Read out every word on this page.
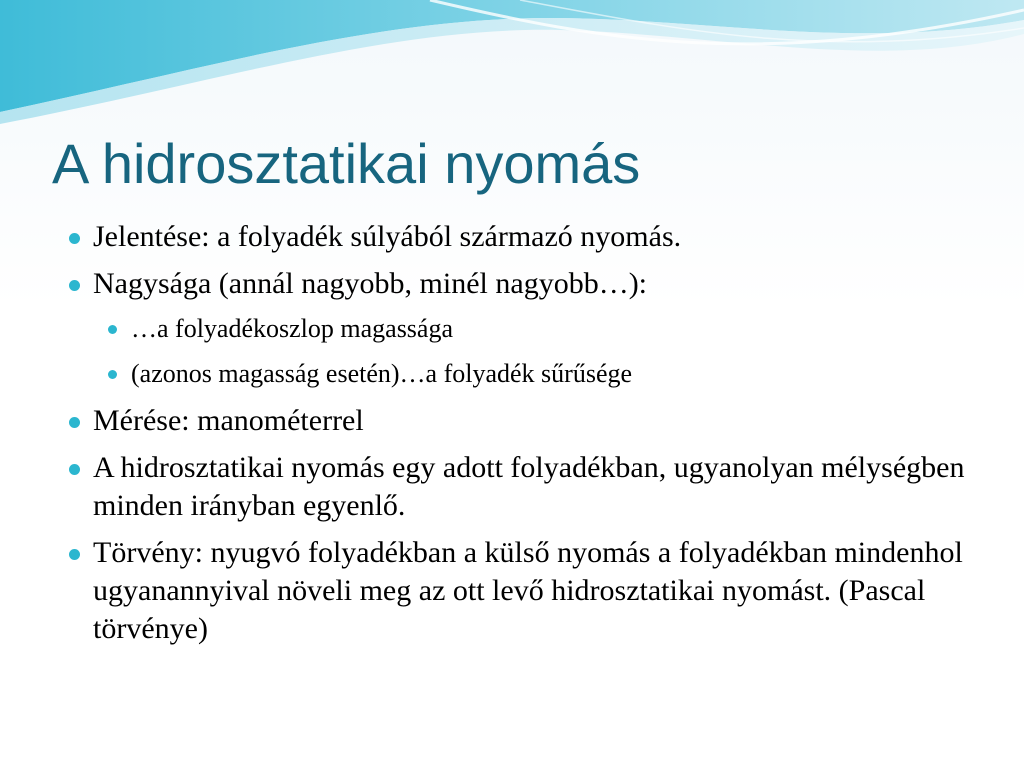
A hidrosztatikai nyomás
Jelentése: a folyadék súlyából származó nyomás.
Nagysága (annál nagyobb, minél nagyobb…):
…a folyadékoszlop magassága
(azonos magasság esetén)…a folyadék sűrűsége
Mérése: manométerrel
A hidrosztatikai nyomás egy adott folyadékban, ugyanolyan mélységben minden irányban egyenlő.
Törvény: nyugvó folyadékban a külső nyomás a folyadékban mindenhol ugyanannyival növeli meg az ott levő hidrosztatikai nyomást. (Pascal törvénye)
